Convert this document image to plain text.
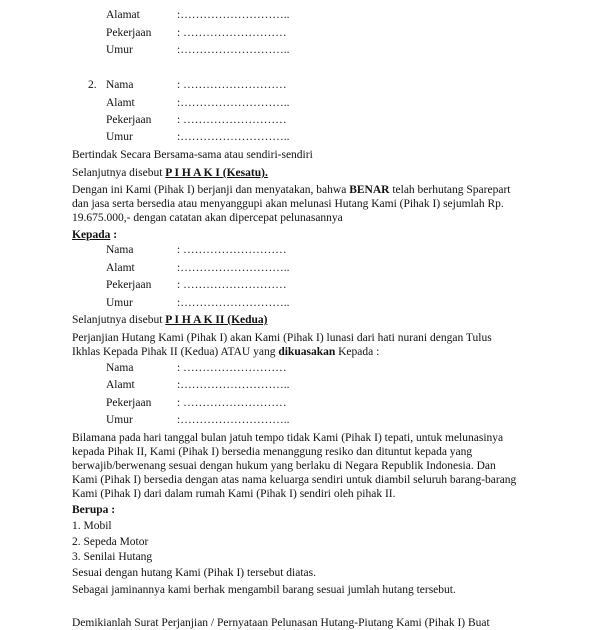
Alamat	:………………………..
Pekerjaan : ………………………
Umur	:………………………..
2. Nama	: ………………………
Alamt	:………………………..
Pekerjaan : ………………………
Umur	:………………………..
Bertindak Secara Bersama-sama atau sendiri-sendiri
Selanjutnya disebut P I H A K I (Kesatu).
Dengan ini Kami (Pihak I) berjanji dan menyatakan, bahwa BENAR telah berhutang Sparepart
dan jasa serta bersedia atau menyanggupi akan melunasi Hutang Kami (Pihak I) sejumlah Rp.
19.675.000,- dengan catatan akan dipercepat pelunasannya
Kepada :
Nama	: ………………………
Alamt	:………………………..
Pekerjaan : ………………………
Umur	:………………………..
Selanjutnya disebut P I H A K II (Kedua)
Perjanjian Hutang Kami (Pihak I) akan Kami (Pihak I) lunasi dari hati nurani dengan Tulus
Ikhlas Kepada Pihak II (Kedua) ATAU yang dikuasakan Kepada :
Nama	: ………………………
Alamt	:………………………..
Pekerjaan : ………………………
Umur	:………………………..
Bilamana pada hari tanggal bulan jatuh tempo tidak Kami (Pihak I) tepati, untuk melunasinya
kepada Pihak II, Kami (Pihak I) bersedia menanggung resiko dan dituntut kepada yang
berwajib/berwenang sesuai dengan hukum yang berlaku di Negara Republik Indonesia. Dan
Kami (Pihak I) bersedia dengan atas nama keluarga sendiri untuk diambil seluruh barang-barang
Kami (Pihak I) dari dalam rumah Kami (Pihak I) sendiri oleh pihak II.
Berupa :
1. Mobil
2. Sepeda Motor
3. Senilai Hutang
Sesuai dengan hutang Kami (Pihak I) tersebut diatas.
Sebagai jaminannya kami berhak mengambil barang sesuai jumlah hutang tersebut.
Demikianlah Surat Perjanjian / Pernyataan Pelunasan Hutang-Piutang Kami (Pihak I) Buat
